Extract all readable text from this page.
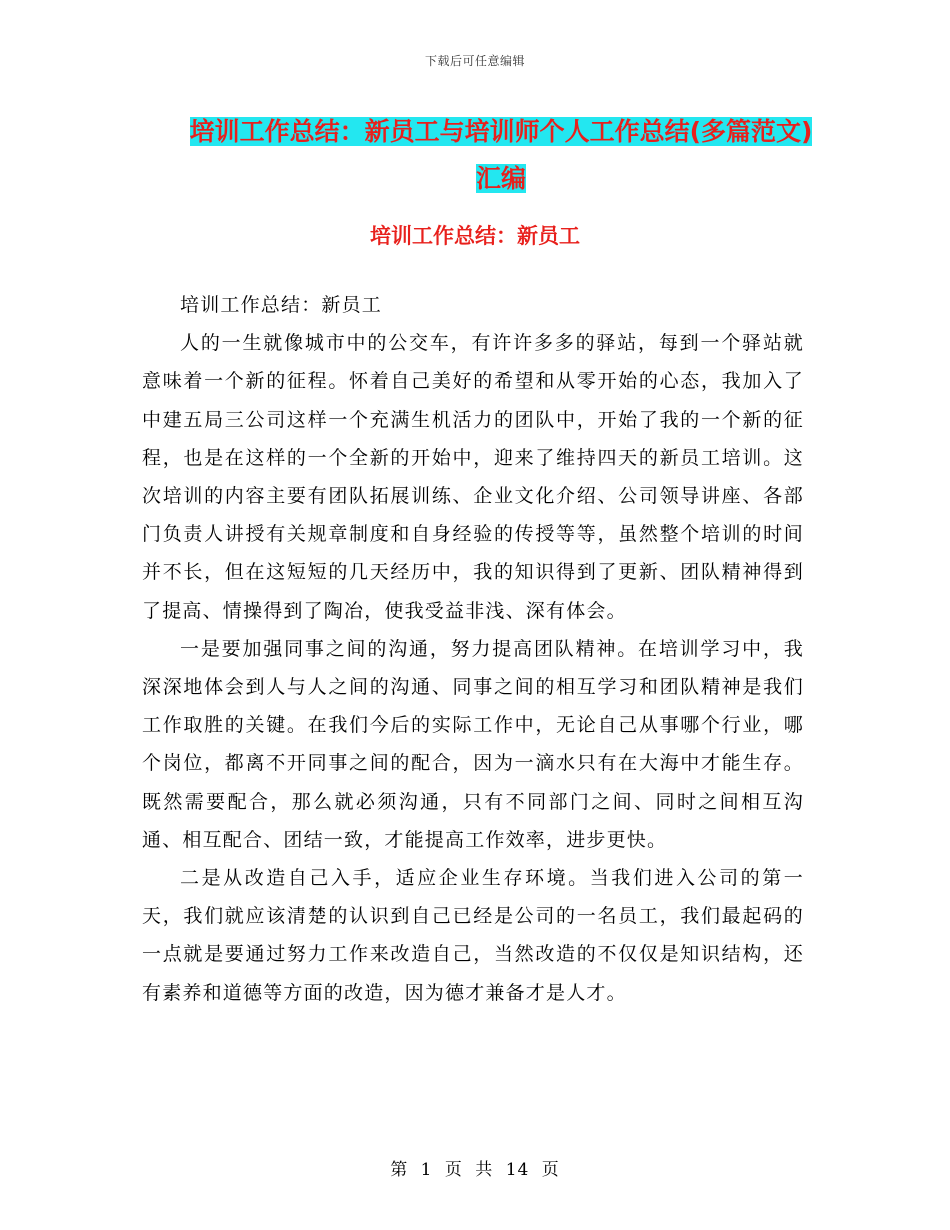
下载后可任意编辑
培训工作总结：新员工与培训师个人工作总结(多篇范文)汇编
培训工作总结：新员工

培训工作总结：新员工

人的一生就像城市中的公交车，有许许多多的驿站，每到一个驿站就意味着一个新的征程。怀着自己美好的希望和从零开始的心态，我加入了中建五局三公司这样一个充满生机活力的团队中，开始了我的一个新的征程，也是在这样的一个全新的开始中，迎来了维持四天的新员工培训。这次培训的内容主要有团队拓展训练、企业文化介绍、公司领导讲座、各部门负责人讲授有关规章制度和自身经验的传授等等，虽然整个培训的时间并不长，但在这短短的几天经历中，我的知识得到了更新、团队精神得到了提高、情操得到了陶冶，使我受益非浅、深有体会。

一是要加强同事之间的沟通，努力提高团队精神。在培训学习中，我深深地体会到人与人之间的沟通、同事之间的相互学习和团队精神是我们工作取胜的关键。在我们今后的实际工作中，无论自己从事哪个行业，哪个岗位，都离不开同事之间的配合，因为一滴水只有在大海中才能生存。既然需要配合，那么就必须沟通，只有不同部门之间、同时之间相互沟通、相互配合、团结一致，才能提高工作效率，进步更快。

二是从改造自己入手，适应企业生存环境。当我们进入公司的第一天，我们就应该清楚的认识到自己已经是公司的一名员工，我们最起码的一点就是要通过努力工作来改造自己，当然改造的不仅仅是知识结构，还有素养和道德等方面的改造，因为德才兼备才是人才。

第 1 页 共 14 页
